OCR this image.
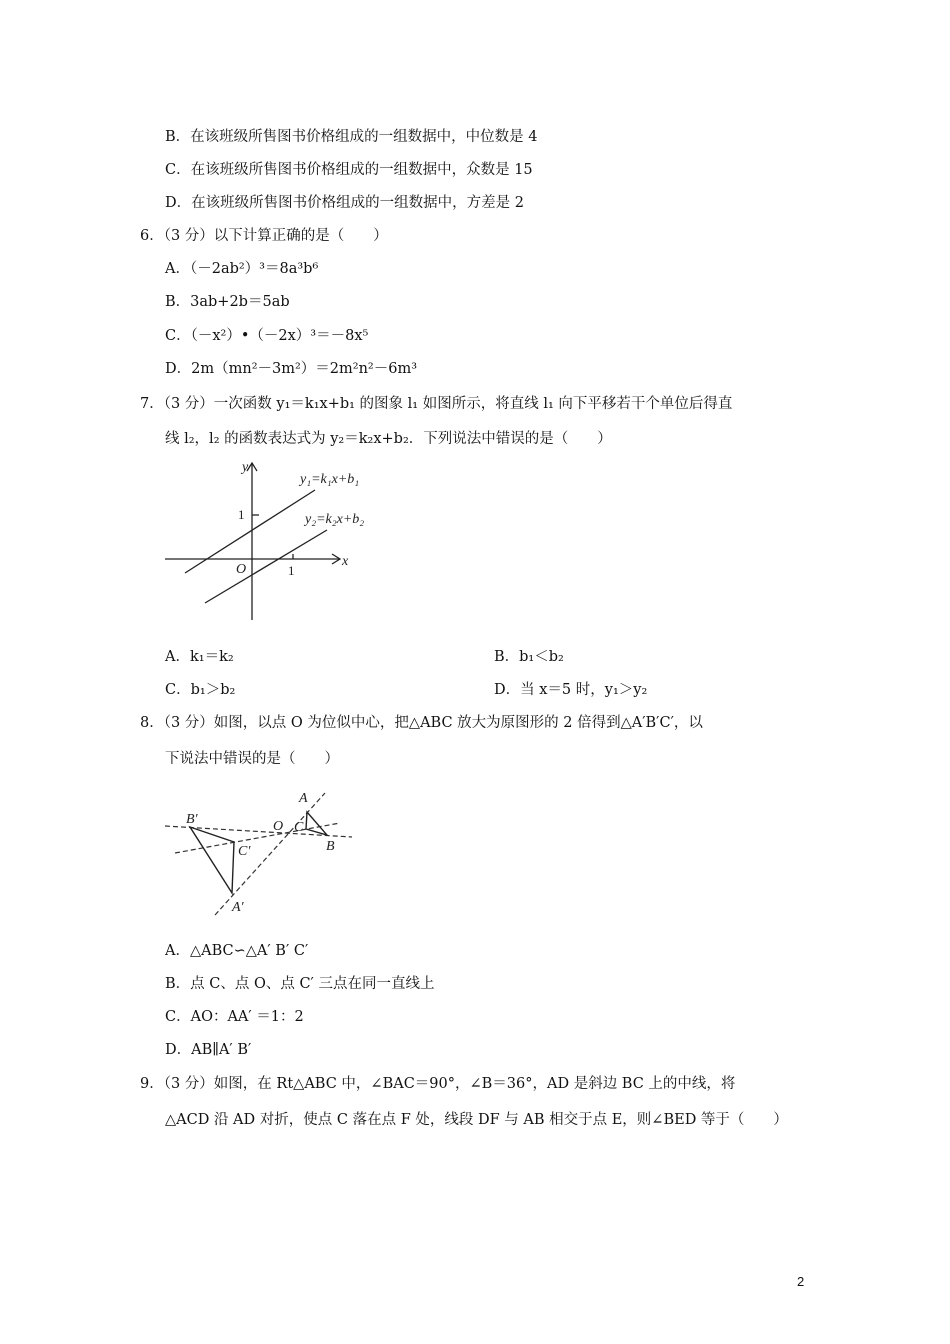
B．在该班级所售图书价格组成的一组数据中，中位数是 4
C．在该班级所售图书价格组成的一组数据中，众数是 15
D．在该班级所售图书价格组成的一组数据中，方差是 2
6．（3 分）以下计算正确的是（　　）
A．（－2ab²）³＝8a³b⁶
B．3ab+2b＝5ab
C．（－x²）•（－2x）³＝－8x⁵
D．2m（mn²－3m²）＝2m²n²－6m³
7．（3 分）一次函数 y₁＝k₁x+b₁ 的图象 l₁ 如图所示，将直线 l₁ 向下平移若干个单位后得直
线 l₂，l₂ 的函数表达式为 y₂＝k₂x+b₂．下列说法中错误的是（　　）
y
x
O	1
1
y₁=k₁x+b₁
y₂=k₂x+b₂
A．k₁＝k₂	B．b₁＜b₂
C．b₁＞b₂	D．当 x＝5 时，y₁＞y₂
8．（3 分）如图，以点 O 为位似中心，把△ABC 放大为原图形的 2 倍得到△A′B′C′，以
下说法中错误的是（　　）
B′
C′
A′
O C
A
B
A．△ABC∽△A′ B′ C′
B．点 C、点 O、点 C′ 三点在同一直线上
C．AO：AA′ ＝1：2
D．AB∥A′ B′
9．（3 分）如图，在 Rt△ABC 中，∠BAC＝90°，∠B＝36°，AD 是斜边 BC 上的中线，将
△ACD 沿 AD 对折，使点 C 落在点 F 处，线段 DF 与 AB 相交于点 E，则∠BED 等于（　　）
2
